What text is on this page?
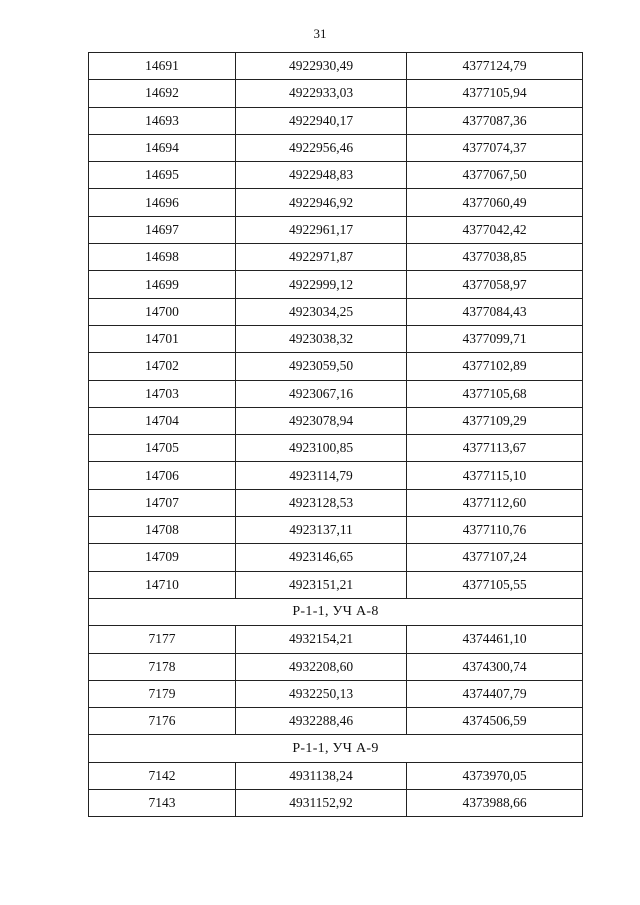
31
14691	4922930,49	4377124,79
14692	4922933,03	4377105,94
14693	4922940,17	4377087,36
14694	4922956,46	4377074,37
14695	4922948,83	4377067,50
14696	4922946,92	4377060,49
14697	4922961,17	4377042,42
14698	4922971,87	4377038,85
14699	4922999,12	4377058,97
14700	4923034,25	4377084,43
14701	4923038,32	4377099,71
14702	4923059,50	4377102,89
14703	4923067,16	4377105,68
14704	4923078,94	4377109,29
14705	4923100,85	4377113,67
14706	4923114,79	4377115,10
14707	4923128,53	4377112,60
14708	4923137,11	4377110,76
14709	4923146,65	4377107,24
14710	4923151,21	4377105,55
Р-1-1, УЧ А-8		
7177	4932154,21	4374461,10
7178	4932208,60	4374300,74
7179	4932250,13	4374407,79
7176	4932288,46	4374506,59
Р-1-1, УЧ А-9		
7142	4931138,24	4373970,05
7143	4931152,92	4373988,66
